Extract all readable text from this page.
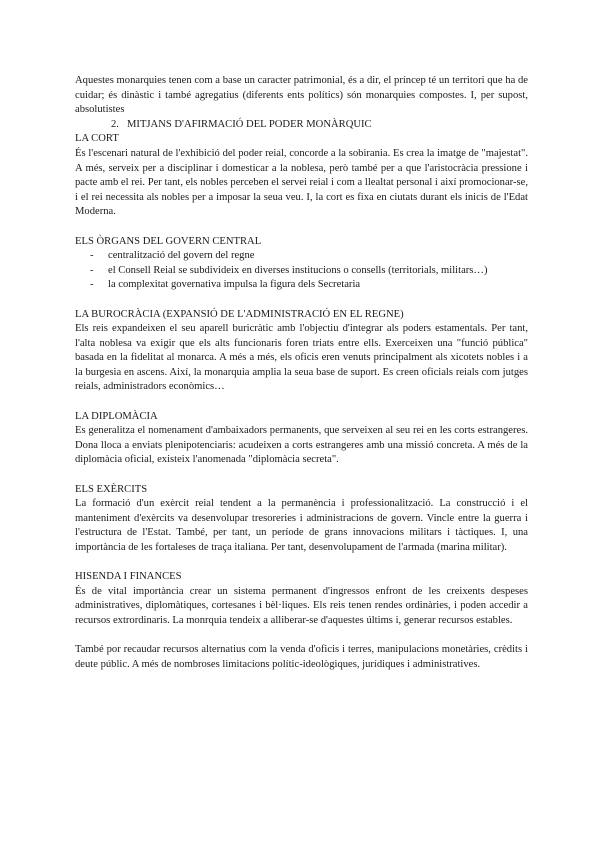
Aquestes monarquies tenen com a base un caracter patrimonial, és a dir, el príncep té un territori que ha de cuidar; és dinàstic i també agregatius (diferents ents polítics) són monarquies compostes. I, per supost, absolutistes

2. MITJANS D'AFIRMACIÓ DEL PODER MONÀRQUIC
LA CORT

És l'escenari natural de l'exhibició del poder reial, concorde a la sobirania. Es crea la imatge de "majestat". A més, serveix per a disciplinar i domesticar a la noblesa, però també per a que l'aristocràcia pressione i pacte amb el rei. Per tant, els nobles perceben el servei reial i com a llealtat personal i així promocionar-se, i el rei necessita als nobles per a imposar la seua veu. I, la cort es fixa en ciutats durant els inicis de l'Edat Moderna.

ELS ÒRGANS DEL GOVERN CENTRAL
- centralització del govern del regne
- el Consell Reial se subdivideix en diverses institucions o consells (territorials, militars…)
- la complexitat governativa impulsa la figura dels Secretaria
LA BUROCRÀCIA (EXPANSIÓ DE L'ADMINISTRACIÓ EN EL REGNE)

Els reis expandeixen el seu aparell buricràtic amb l'objectiu d'integrar als poders estamentals. Per tant, l'alta noblesa va exigir que els alts funcionaris foren triats entre ells. Exerceixen una "funció pública" basada en la fidelitat al monarca. A més a més, els oficis eren venuts principalment als xicotets nobles i a la burgesia en ascens. Així, la monarquia amplia la seua base de suport. Es creen oficials reials com jutges reials, administradors econòmics…

LA DIPLOMÀCIA

Es generalitza el nomenament d'ambaixadors permanents, que serveixen al seu rei en les corts estrangeres. Dona lloca a enviats plenipotenciaris: acudeixen a corts estrangeres amb una missió concreta. A més de la diplomàcia oficial, existeix l'anomenada "diplomàcia secreta".

ELS EXÈRCITS

La formació d'un exèrcit reial tendent a la permanència i professionalització. La construcció i el manteniment d'exèrcits va desenvolupar tresoreries i administracions de govern. Vincle entre la guerra i l'estructura de l'Estat. També, per tant, un període de grans innovacions militars i tàctiques. I, una importància de les fortaleses de traça italiana. Per tant, desenvolupament de l'armada (marina militar).

HISENDA I FINANCES

És de vital importància crear un sistema permanent d'ingressos enfront de les creixents despeses administratives, diplomàtiques, cortesanes i bèl·liques. Els reis tenen rendes ordinàries, i poden accedir a recursos extrordinaris. La monrquia tendeix a alliberar-se d'aquestes últims i, generar recursos estables.

També por recaudar recursos alternatius com la venda d'oficis i terres, manipulacions monetàries, crèdits i deute públic. A més de nombroses limitacions polític-ideològiques, jurídiques i administratives.
